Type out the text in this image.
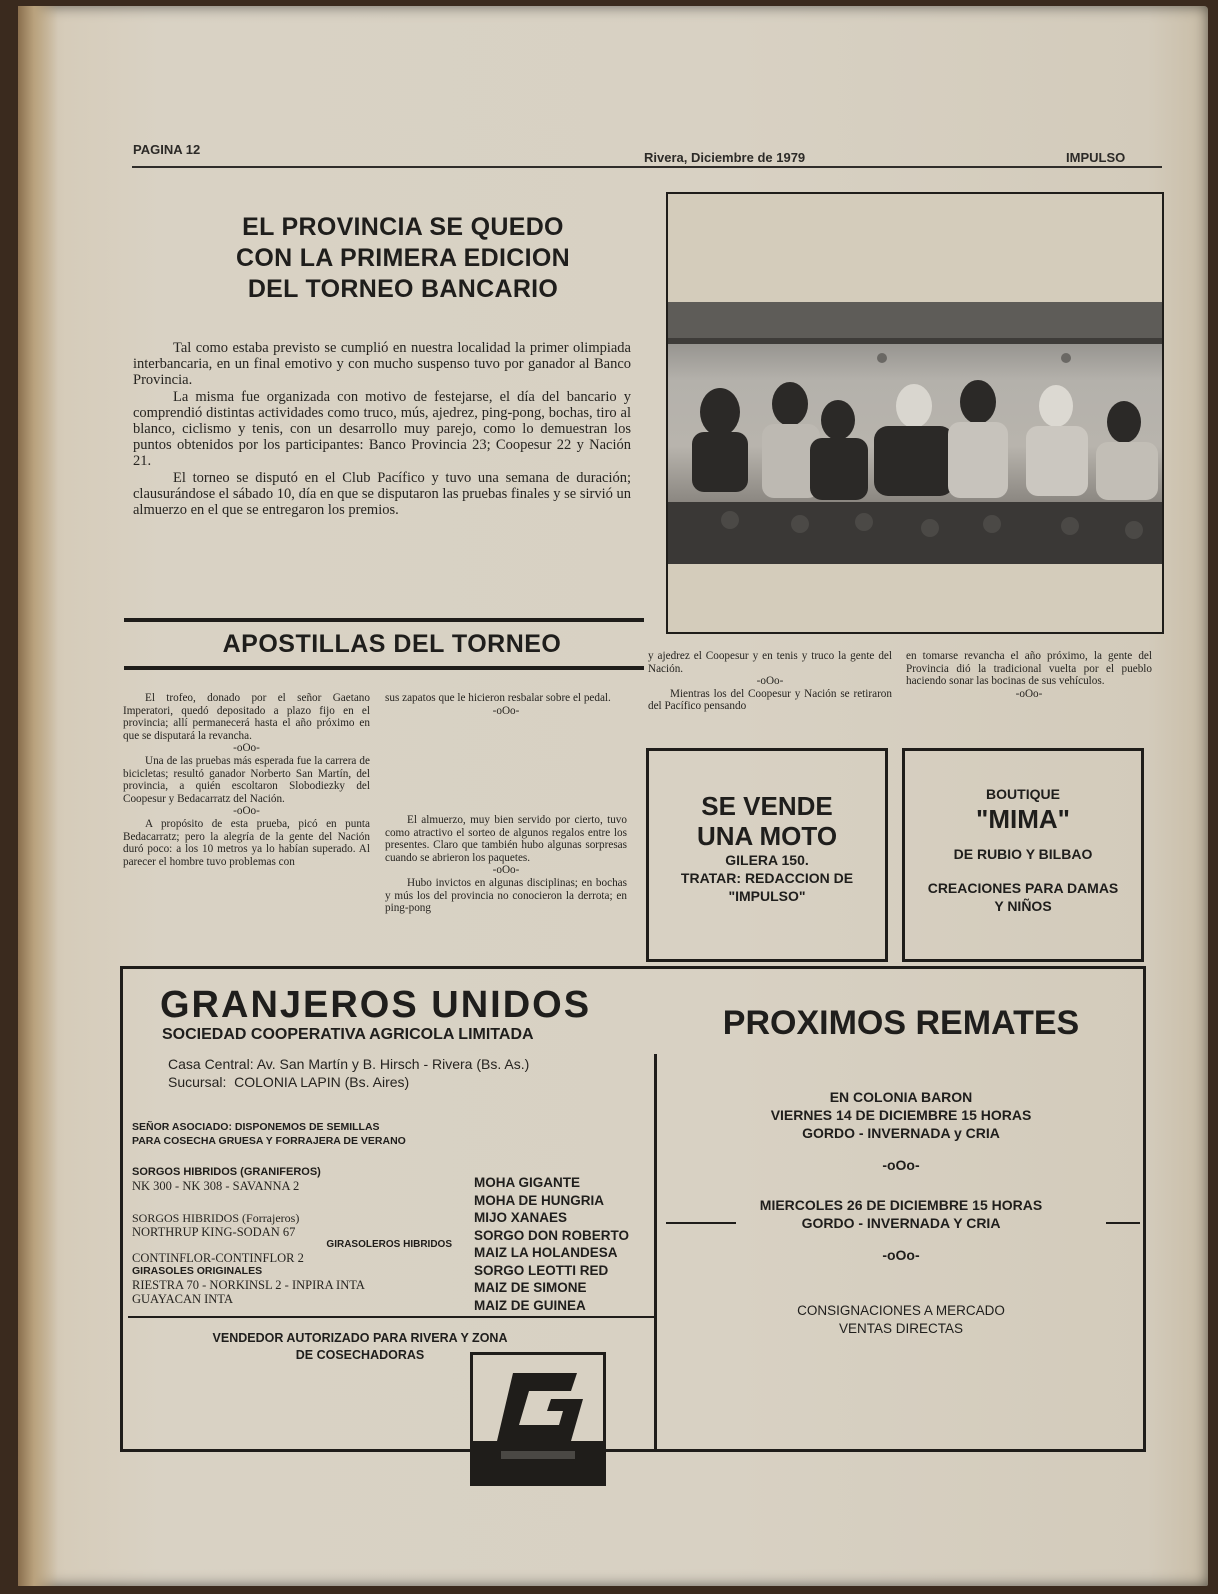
PAGINA 12
Rivera, Diciembre de 1979	IMPULSO
EL PROVINCIA SE QUEDO
CON LA PRIMERA EDICION
DEL TORNEO BANCARIO

Tal como estaba previsto se cumplió en nuestra localidad la primer olimpiada interbancaria, en un final emotivo y con mucho suspenso tuvo por ganador al Banco Provincia.

La misma fue organizada con motivo de festejarse, el día del bancario y comprendió distintas actividades como truco, mús, ajedrez, ping-pong, bochas, tiro al blanco, ciclismo y tenis, con un desarrollo muy parejo, como lo demuestran los puntos obtenidos por los participantes: Banco Provincia 23; Coopesur 22 y Nación 21.

El torneo se disputó en el Club Pacífico y tuvo una semana de duración; clausurándose el sábado 10, día en que se disputaron las pruebas finales y se sirvió un almuerzo en el que se entregaron los premios.

APOSTILLAS DEL TORNEO

El trofeo, donado por el señor Gaetano Imperatori, quedó depositado a plazo fijo en el provincia; allí permanecerá hasta el año próximo en que se disputará la revancha.

-oOo-

Una de las pruebas más esperada fue la carrera de bicicletas; resultó ganador Norberto San Martín, del provincia, a quién escoltaron Slobodiezky del Coopesur y Bedacarratz del Nación.

-oOo-

A propósito de esta prueba, picó en punta Bedacarratz; pero la alegría de la gente del Nación duró poco: a los 10 metros ya lo habían superado. Al parecer el hombre tuvo problemas con

sus zapatos que le hicieron resbalar sobre el pedal.

-oOo-

El almuerzo, muy bien servido por cierto, tuvo como atractivo el sorteo de algunos regalos entre los presentes. Claro que también hubo algunas sorpresas cuando se abrieron los paquetes.

-oOo-

Hubo invictos en algunas disciplinas; en bochas y mús los del provincia no conocieron la derrota; en ping-pong

y ajedrez el Coopesur y en tenis y truco la gente del Nación.

-oOo-

Mientras los del Coopesur y Nación se retiraron del Pacífico pensando

en tomarse revancha el año próximo, la gente del Provincia dió la tradicional vuelta por el pueblo haciendo sonar las bocinas de sus vehículos.

-oOo-

SE VENDE
UNA MOTO
GILERA 150.
TRATAR: REDACCION DE
"IMPULSO"
BOUTIQUE
"MIMA"
DE RUBIO Y BILBAO
CREACIONES PARA DAMAS
Y NIÑOS
GRANJEROS UNIDOS
SOCIEDAD COOPERATIVA AGRICOLA LIMITADA
Casa Central: Av. San Martín y B. Hirsch - Rivera (Bs. As.)
Sucursal:  COLONIA LAPIN (Bs. Aires)
SEÑOR ASOCIADO: DISPONEMOS DE SEMILLAS
PARA COSECHA GRUESA Y FORRAJERA DE VERANO
SORGOS HIBRIDOS (GRANIFEROS)
NK 300 - NK 308 - SAVANNA 2
SORGOS HIBRIDOS (Forrajeros)
NORTHRUP KING-SODAN 67
GIRASOLEROS HIBRIDOS
CONTINFLOR-CONTINFLOR 2
GIRASOLES ORIGINALES
RIESTRA 70 - NORKINSL 2 - INPIRA INTA
GUAYACAN INTA
MOHA GIGANTE
MOHA DE HUNGRIA
MIJO XANAES
SORGO DON ROBERTO
MAIZ LA HOLANDESA
SORGO LEOTTI RED
MAIZ DE SIMONE
MAIZ DE GUINEA
VENDEDOR AUTORIZADO PARA RIVERA Y ZONA
DE COSECHADORAS
PROXIMOS REMATES
EN COLONIA BARON
VIERNES 14 DE DICIEMBRE 15 HORAS
GORDO - INVERNADA y CRIA
-oOo-
MIERCOLES 26 DE DICIEMBRE 15 HORAS
GORDO - INVERNADA Y CRIA
-oOo-
CONSIGNACIONES A MERCADO
VENTAS DIRECTAS
